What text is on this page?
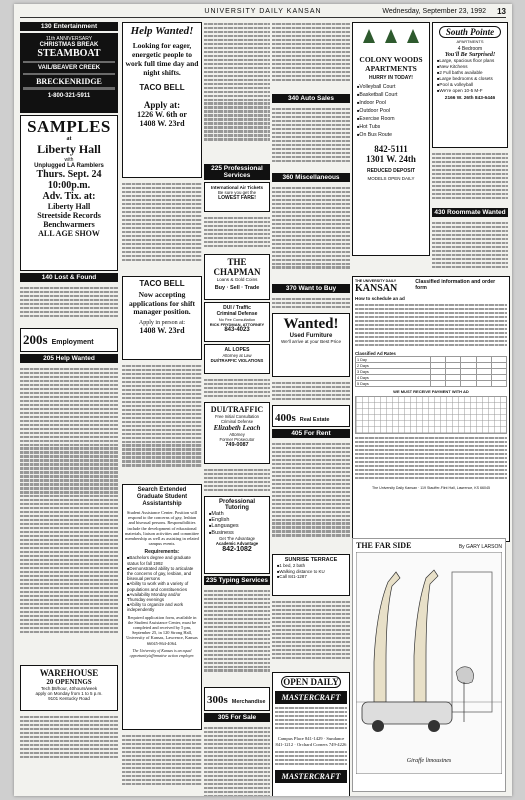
UNIVERSITY DAILY KANSAN	Wednesday, September 23, 1992 13
130 Entertainment
11th ANNIVERSARY
CHRISTMAS BREAK
STEAMBOAT
VAIL/BEAVER CREEK
BRECKENRIDGE
1-800-321-5911
SAMPLES
at
Liberty Hall
with
Unplugged LA Ramblers
Thurs. Sept. 24
10:00p.m.
Adv. Tix. at:
Liberty Hall
Streetside Records
Benchwarmers
ALL AGE SHOW
140 Lost & Found
200s Employment
205 Help Wanted
WAREHOUSE
20 OPENINGS
Tech $8/hour, 40hours/week
apply on Monday from 1 to 5 p.m.
9101 Kentucky Road
Help Wanted!
Looking for eager, energetic people to work full time day and night shifts.
TACO BELL
Apply at:
1226 W. 6th or
1408 W. 23rd
TACO BELL
Now accepting applications for shift manager position.
Apply in person at:
1408 W. 23rd
Search Extended Graduate Student Assistantship
Student Assistance Center. Position will respond to the concerns of gay, lesbian and bisexual persons. Responsibilities include the development of educational materials, liaison activities and committee membership as well as assisting in related campus events.
Requirements:
■ Bachelors degree and graduate status for fall 1992
■ Demonstrated ability to articulate the concerns of gay, lesbian, and bisexual persons
■ Ability to work with a variety of populations and constituencies
■ Availability Monday and/or Thursday evenings
■ Ability to organize and work independently
Required application form, available in the Student Assistance Center, must be completed and received by 5 pm, September 25, in 120 Strong Hall, University of Kansas, Lawrence, Kansas 66045-864-4064.
The University of Kansas is an equal opportunity/affirmative action employer.
225 Professional Services
International Air Tickets
Be sure you get the
LOWEST FARE!
THE CHAPMAN
Loans & Gold Coins
Buy · Sell · Trade
DUI / Traffic
Criminal Defense
No Fee Consultation
RICK FRYDMAN, ATTORNEY
843-4023
AL LOPES
Attorney at Law
DUI/TRAFFIC VIOLATIONS
DUI/TRAFFIC
Free Initial Consultation
Criminal Defense
Elizabeth Leach
Attorney
Former Prosecutor
749-0087
Professional Tutoring
■ Math
■ English
■ Languages
■ Business
Get The Advantage
Academic Advantage
842-1082
235 Typing Services
300s Merchandise
305 For Sale
340 Auto Sales
360 Miscellaneous
370 Want to Buy
Wanted!
Used Furniture
We'll arrive at your Best Price
400s Real Estate
405 For Rent
SUNRISE TERRACE
■ 1 bed, 2 bath
■ Walking distance to KU
■ Call 841-1287
OPEN DAILY
MASTERCRAFT
Campus Place 841-1429 · Sundance 841-1212 · Orchard Corners 749-4226
MASTERCRAFT

COLONY WOODS APARTMENTS
HURRY IN TODAY!
■ Volleyball Court
■ Basketball Court
■ Indoor Pool
■ Outdoor Pool
■ Exercise Room
■ Hot Tubs
■ On Bus Route
842-5111
1301 W. 24th
REDUCED DEPOSIT
MODELS OPEN DAILY
South Pointe
APARTMENTS
4 Bedroom
You'll Be Surprised!
■ Large, spacious floor plans
■ New Kitchens
■ 2 Full baths available
■ Large bedrooms & closets
■ Pool & volleyball
■ We're open 10-5 M-F
2166 W. 26th 843-6446
430 Roommate Wanted
THE UNIVERSITY DAILY
KANSAN
Classified information and order form
How to schedule an ad
Classified Ad Rates
1 Day					
2 Days					
3 Days					
4 Days					
5 Days					
WE MUST RECEIVE PAYMENT WITH AD
The University Daily Kansan · 119 Stauffer-Flint Hall, Lawrence, KS 66045
THE FAR SIDE	By GARY LARSON
Giraffe limousines
